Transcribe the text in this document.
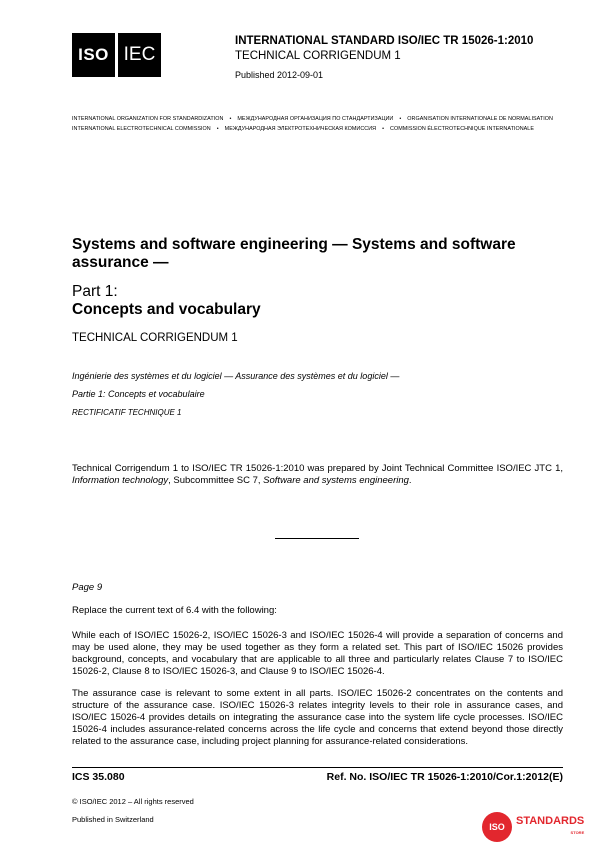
ISO IEC
INTERNATIONAL STANDARD ISO/IEC TR 15026-1:2010
TECHNICAL CORRIGENDUM 1
Published 2012-09-01
INTERNATIONAL ORGANIZATION FOR STANDARDIZATION • МЕЖДУНАРОДНАЯ ОРГАНИЗАЦИЯ ПО СТАНДАРТИЗАЦИИ • ORGANISATION INTERNATIONALE DE NORMALISATION
INTERNATIONAL ELECTROTECHNICAL COMMISSION • МЕЖДУНАРОДНАЯ ЭЛЕКТРОТЕХНИЧЕСКАЯ КОМИССИЯ • COMMISSION ÉLECTROTECHNIQUE INTERNATIONALE
Systems and software engineering — Systems and software assurance —
Part 1:
Concepts and vocabulary
TECHNICAL CORRIGENDUM 1
Ingénierie des systèmes et du logiciel — Assurance des systèmes et du logiciel —
Partie 1: Concepts et vocabulaire
RECTIFICATIF TECHNIQUE 1
Technical Corrigendum 1 to ISO/IEC TR 15026-1:2010 was prepared by Joint Technical Committee ISO/IEC JTC 1, Information technology, Subcommittee SC 7, Software and systems engineering.
Page 9
Replace the current text of 6.4 with the following:
While each of ISO/IEC 15026-2, ISO/IEC 15026-3 and ISO/IEC 15026-4 will provide a separation of concerns and may be used alone, they may be used together as they form a related set. This part of ISO/IEC 15026 provides background, concepts, and vocabulary that are applicable to all three and particularly relates Clause 7 to ISO/IEC 15026-2, Clause 8 to ISO/IEC 15026-3, and Clause 9 to ISO/IEC 15026-4.
The assurance case is relevant to some extent in all parts. ISO/IEC 15026-2 concentrates on the contents and structure of the assurance case. ISO/IEC 15026-3 relates integrity levels to their role in assurance cases, and ISO/IEC 15026-4 provides details on integrating the assurance case into the system life cycle processes. ISO/IEC 15026-4 includes assurance-related concerns across the life cycle and concerns that extend beyond those directly related to the assurance case, including project planning for assurance-related considerations.
ICS 35.080	Ref. No. ISO/IEC TR 15026-1:2010/Cor.1:2012(E)
© ISO/IEC 2012 – All rights reserved
Published in Switzerland
ISO	STANDARDS
STORE
